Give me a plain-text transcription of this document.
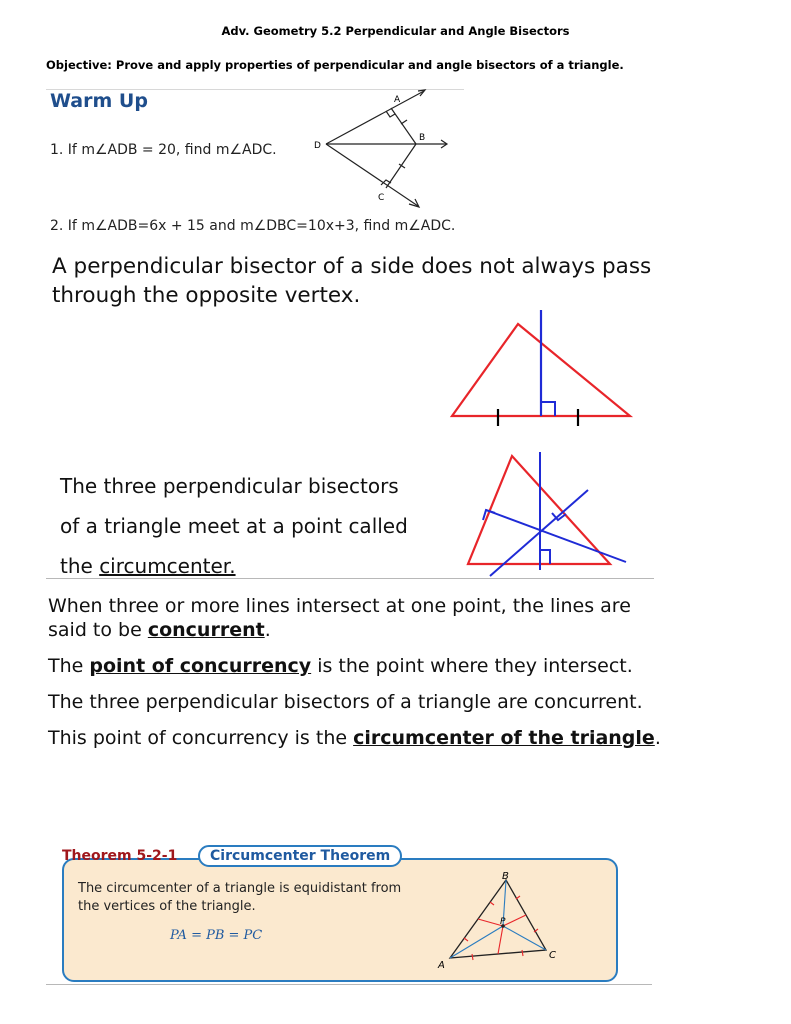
Adv. Geometry 5.2 Perpendicular and Angle Bisectors
Objective: Prove and apply properties of perpendicular and angle bisectors of a triangle.
Warm Up
1. If m∠ADB = 20, find m∠ADC.
2. If m∠ADB=6x + 15 and m∠DBC=10x+3, find m∠ADC.
A
B
C
D
A perpendicular bisector of a side does not always pass through the opposite vertex.
The three perpendicular bisectors
of a triangle meet at a point called
the circumcenter.

When three or more lines intersect at one point, the lines are said to be concurrent.

The point of concurrency is the point where they intersect.

The three perpendicular bisectors of a triangle are concurrent.

This point of concurrency is the circumcenter of the triangle.

Theorem 5-2-1	Circumcenter Theorem
The circumcenter of a triangle is equidistant from the vertices of the triangle.
PA = PB = PC
B
A
C
P
